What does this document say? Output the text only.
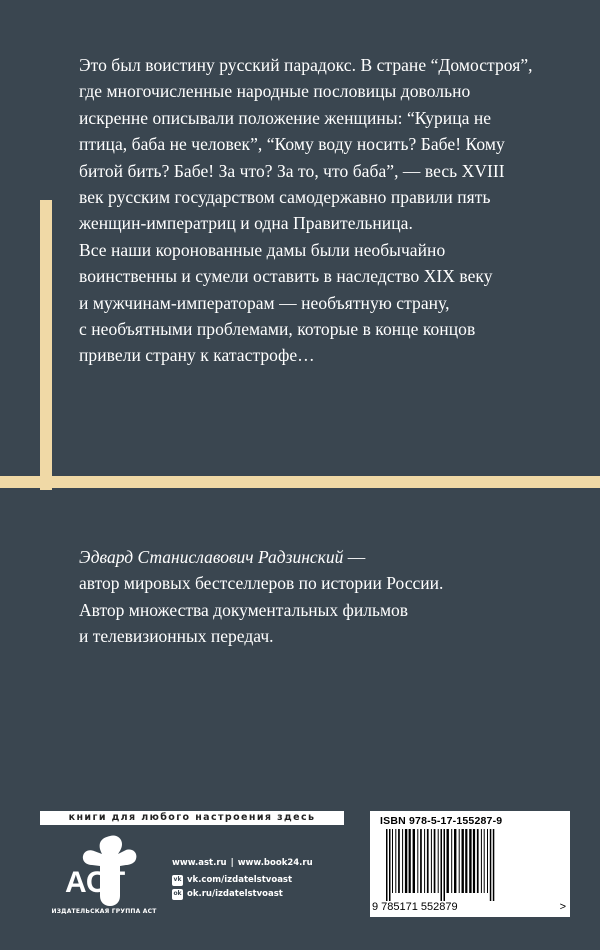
Это был воистину русский парадокс. В стране “Домостроя”,
где многочисленные народные пословицы довольно
искренне описывали положение женщины: “Курица не
птица, баба не человек”, “Кому воду носить? Бабе! Кому
битой бить? Бабе! За что? За то, что баба”, — весь XVIII
век русским государством самодержавно правили пять
женщин-императриц и одна Правительница.
Все наши коронованные дамы были необычайно
воинственны и сумели оставить в наследство XIX веку
и мужчинам-императорам — необъятную страну,
с необъятными проблемами, которые в конце концов
привели страну к катастрофе…
Эдвард Станиславович Радзинский —
автор мировых бестселлеров по истории России.
Автор множества документальных фильмов
и телевизионных передач.
книги для любого настроения здесь
АСТ
ИЗДАТЕЛЬСКАЯ ГРУППА АСТ
www.ast.ru | www.book24.ru
vk vk.com/izdatelstvoast
ok ok.ru/izdatelstvoast
ISBN 978-5-17-155287-9
9 785171 552879	>
